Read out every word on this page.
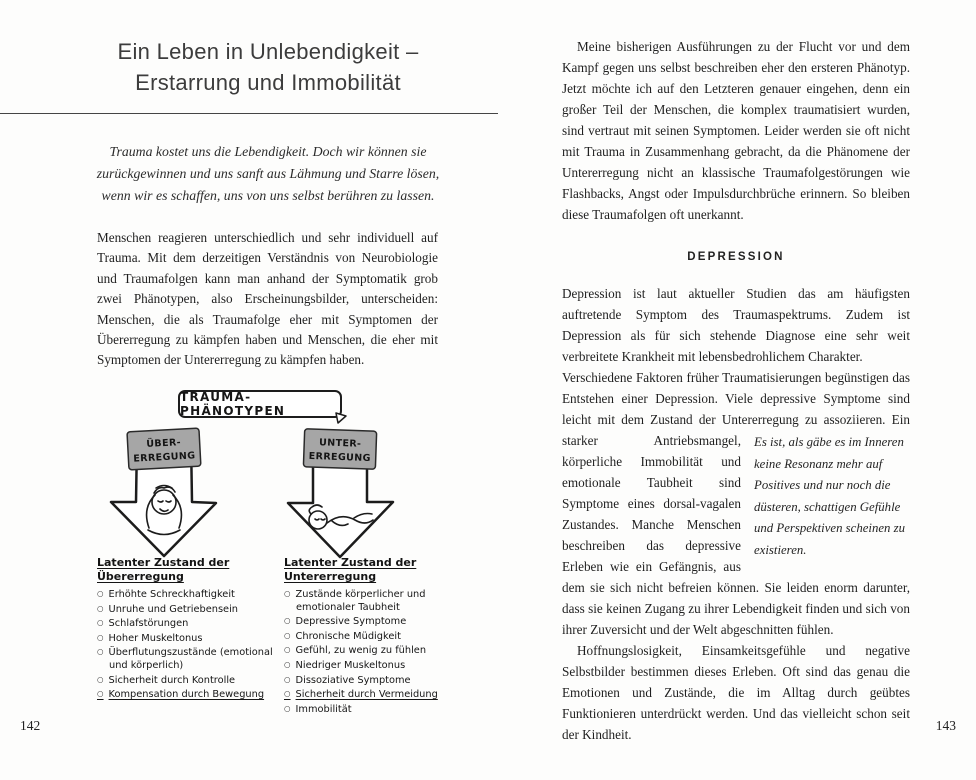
Ein Leben in Unlebendigkeit –
Erstarrung und Immobilität
Trauma kostet uns die Lebendigkeit. Doch wir können sie zurückgewinnen und uns sanft aus Lähmung und Starre lösen, wenn wir es schaffen, uns von uns selbst berühren zu lassen.
Menschen reagieren unterschiedlich und sehr individuell auf Trauma. Mit dem derzeitigen Verständnis von Neurobiologie und Traumafolgen kann man anhand der Symptomatik grob zwei Phänotypen, also Erscheinungsbilder, unterscheiden: Menschen, die als Traumafolge eher mit Symptomen der Übererregung zu kämpfen haben und Menschen, die eher mit Symptomen der Untererregung zu kämpfen haben.
TRAUMA-PHÄNOTYPEN
ÜBER-
ERREGUNG
UNTER-
ERREGUNG

Latenter Zustand der Übererregung

○ Erhöhte Schreckhaftigkeit
○ Unruhe und Getriebensein
○ Schlafstörungen
○ Hoher Muskeltonus
○ Überflutungszustände (emotional und körperlich)
○ Sicherheit durch Kontrolle
○ Kompensation durch Bewegung

Latenter Zustand der Untererregung

○ Zustände körperlicher und emotionaler Taubheit
○ Depressive Symptome
○ Chronische Müdigkeit
○ Gefühl, zu wenig zu fühlen
○ Niedriger Muskeltonus
○ Dissoziative Symptome
○ Sicherheit durch Vermeidung
○ Immobilität
142

Meine bisherigen Ausführungen zu der Flucht vor und dem Kampf gegen uns selbst beschreiben eher den ersteren Phänotyp. Jetzt möchte ich auf den Letzteren genauer eingehen, denn ein großer Teil der Menschen, die komplex traumatisiert wurden, sind vertraut mit seinen Symptomen. Leider werden sie oft nicht mit Trauma in Zusammenhang gebracht, da die Phänomene der Untererregung nicht an klassische Traumafolgestörungen wie Flashbacks, Angst oder Impulsdurchbrüche erinnern. So bleiben diese Traumafolgen oft unerkannt.

DEPRESSION

Depression ist laut aktueller Studien das am häufigsten auftretende Symptom des Traumaspektrums. Zudem ist Depression als für sich stehende Diagnose eine sehr weit verbreitete Krankheit mit lebensbedrohlichem Charakter.

Verschiedene Faktoren früher Traumatisierungen begünstigen das Entstehen einer Depression. Viele depressive Symptome sind leicht mit dem Zustand der Untererregung zu assoziieren. Ein
Es ist, als gäbe es im Inneren keine Resonanz mehr auf Positives und nur noch die düsteren, schattigen Gefühle und Perspektiven scheinen zu existieren.
starker Antriebsmangel, körperliche Immobilität und emotionale Taubheit sind Symptome eines dorsal-vagalen Zustandes. Manche Menschen beschreiben das depressive Erleben wie ein Gefängnis, aus dem sie sich nicht befreien können. Sie leiden enorm darunter, dass sie keinen Zugang zu ihrer Lebendigkeit finden und sich von ihrer Zuversicht und der Welt abgeschnitten fühlen.

Hoffnungslosigkeit, Einsamkeitsgefühle und negative Selbstbilder bestimmen dieses Erleben. Oft sind das genau die Emotionen und Zustände, die im Alltag durch geübtes Funktionieren unterdrückt werden. Und das vielleicht schon seit der Kindheit.

143
